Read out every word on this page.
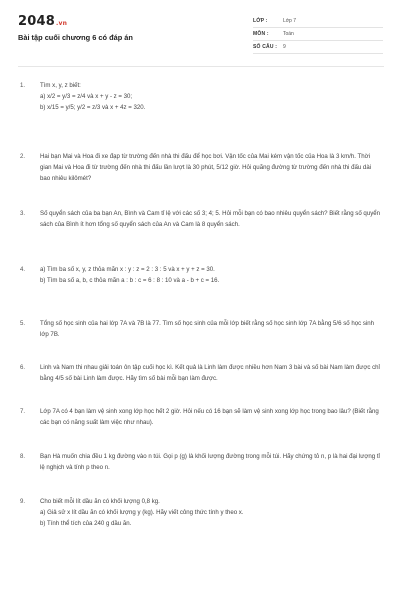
2048.vn
Bài tập cuối chương 6 có đáp án
LỚP :	Lớp 7
MÔN :	Toán
SỐ CÂU :	9
1.	Tìm x, y, z biết:

a) x/2 = y/3 = z/4 và x + y - z = 30;

b) x/15 = y/5; y/2 = z/3 và x + 4z = 320.

2.	Hai bạn Mai và Hoa đi xe đạp từ trường đến nhà thi đấu để học bơi. Vận tốc của Mai kém vận tốc của Hoa là 3 km/h. Thời gian Mai và Hoa đi từ trường đến nhà thi đấu lần lượt là 30 phút, 5/12 giờ. Hỏi quãng đường từ trường đến nhà thi đấu dài bao nhiêu kilômét?

3.	Số quyển sách của ba bạn An, Bình và Cam tỉ lệ với các số 3; 4; 5. Hỏi mỗi bạn có bao nhiêu quyển sách? Biết rằng số quyển sách của Bình ít hơn tổng số quyển sách của An và Cam là 8 quyển sách.

4.	a) Tìm ba số x, y, z thỏa mãn x : y : z = 2 : 3 : 5 và x + y + z = 30.

b) Tìm ba số a, b, c thỏa mãn a : b : c = 6 : 8 : 10 và a - b + c = 16.

5.	Tổng số học sinh của hai lớp 7A và 7B là 77. Tìm số học sinh của mỗi lớp biết rằng số học sinh lớp 7A bằng 5/6 số học sinh lớp 7B.

6.	Linh và Nam thi nhau giải toán ôn tập cuối học kì. Kết quả là Linh làm được nhiều hơn Nam 3 bài và số bài Nam làm được chỉ bằng 4/5 số bài Linh làm được. Hãy tìm số bài mỗi bạn làm được.

7.	Lớp 7A có 4 bạn làm vệ sinh xong lớp học hết 2 giờ. Hỏi nếu có 16 bạn sẽ làm vệ sinh xong lớp học trong bao lâu? (Biết rằng các bạn có năng suất làm việc như nhau).

8.	Bạn Hà muốn chia đều 1 kg đường vào n túi. Gọi p (g) là khối lượng đường trong mỗi túi. Hãy chứng tỏ n, p là hai đại lượng tỉ lệ nghịch và tính p theo n.

9.	Cho biết mỗi lít dầu ăn có khối lượng 0,8 kg.

a) Giả sử x lít dầu ăn có khối lượng y (kg). Hãy viết công thức tính y theo x.

b) Tính thể tích của 240 g dầu ăn.
